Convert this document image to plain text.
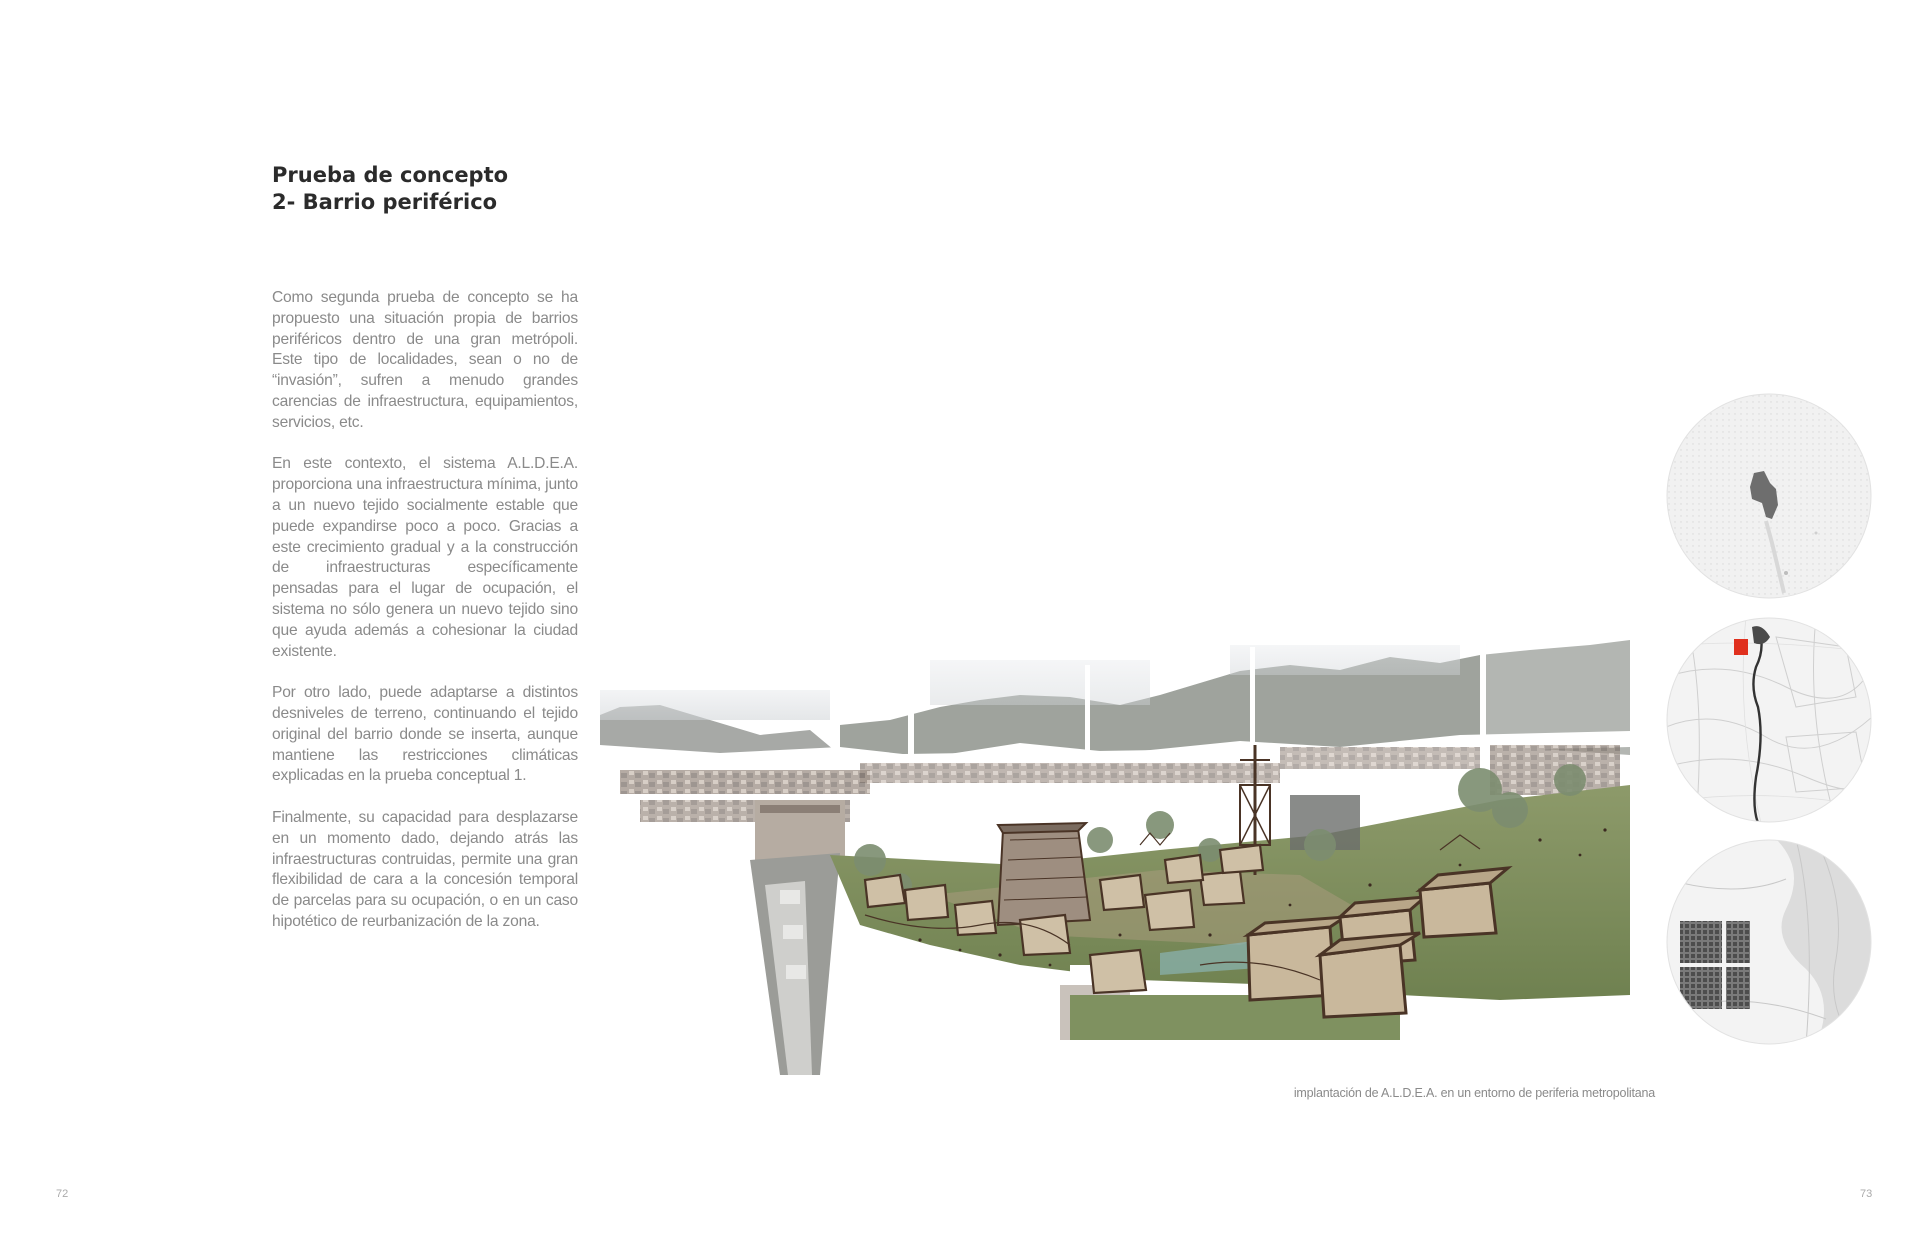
Prueba de concepto
2- Barrio periférico

Como segunda prueba de concepto se ha propuesto una situación propia de barrios periféricos dentro de una gran metrópoli. Este tipo de localidades, sean o no de “invasión”, sufren a menudo grandes carencias de infraestructura, equipamientos, servicios, etc.

En este contexto, el sistema A.L.D.E.A. proporciona una infraestructura mínima, junto a un nuevo tejido socialmente estable que puede expandirse poco a poco. Gracias a este crecimiento gradual y a la construcción de infraestructuras específicamente pensadas para el lugar de ocupación, el sistema no sólo genera un nuevo tejido sino que ayuda además a cohesionar la ciudad existente.

Por otro lado, puede adaptarse a distintos desniveles de terreno, continuando el tejido original del barrio donde se inserta, aunque mantiene las restricciones climáticas explicadas en la prueba conceptual 1.

Finalmente, su capacidad para desplazarse en un momento dado, dejando atrás las infraestructuras contruidas, permite una gran flexibilidad de cara a la concesión temporal de parcelas para su ocupación, o en un caso hipotético de reurbanización de la zona.

implantación de A.L.D.E.A. en un entorno de periferia metropolitana
72	73
